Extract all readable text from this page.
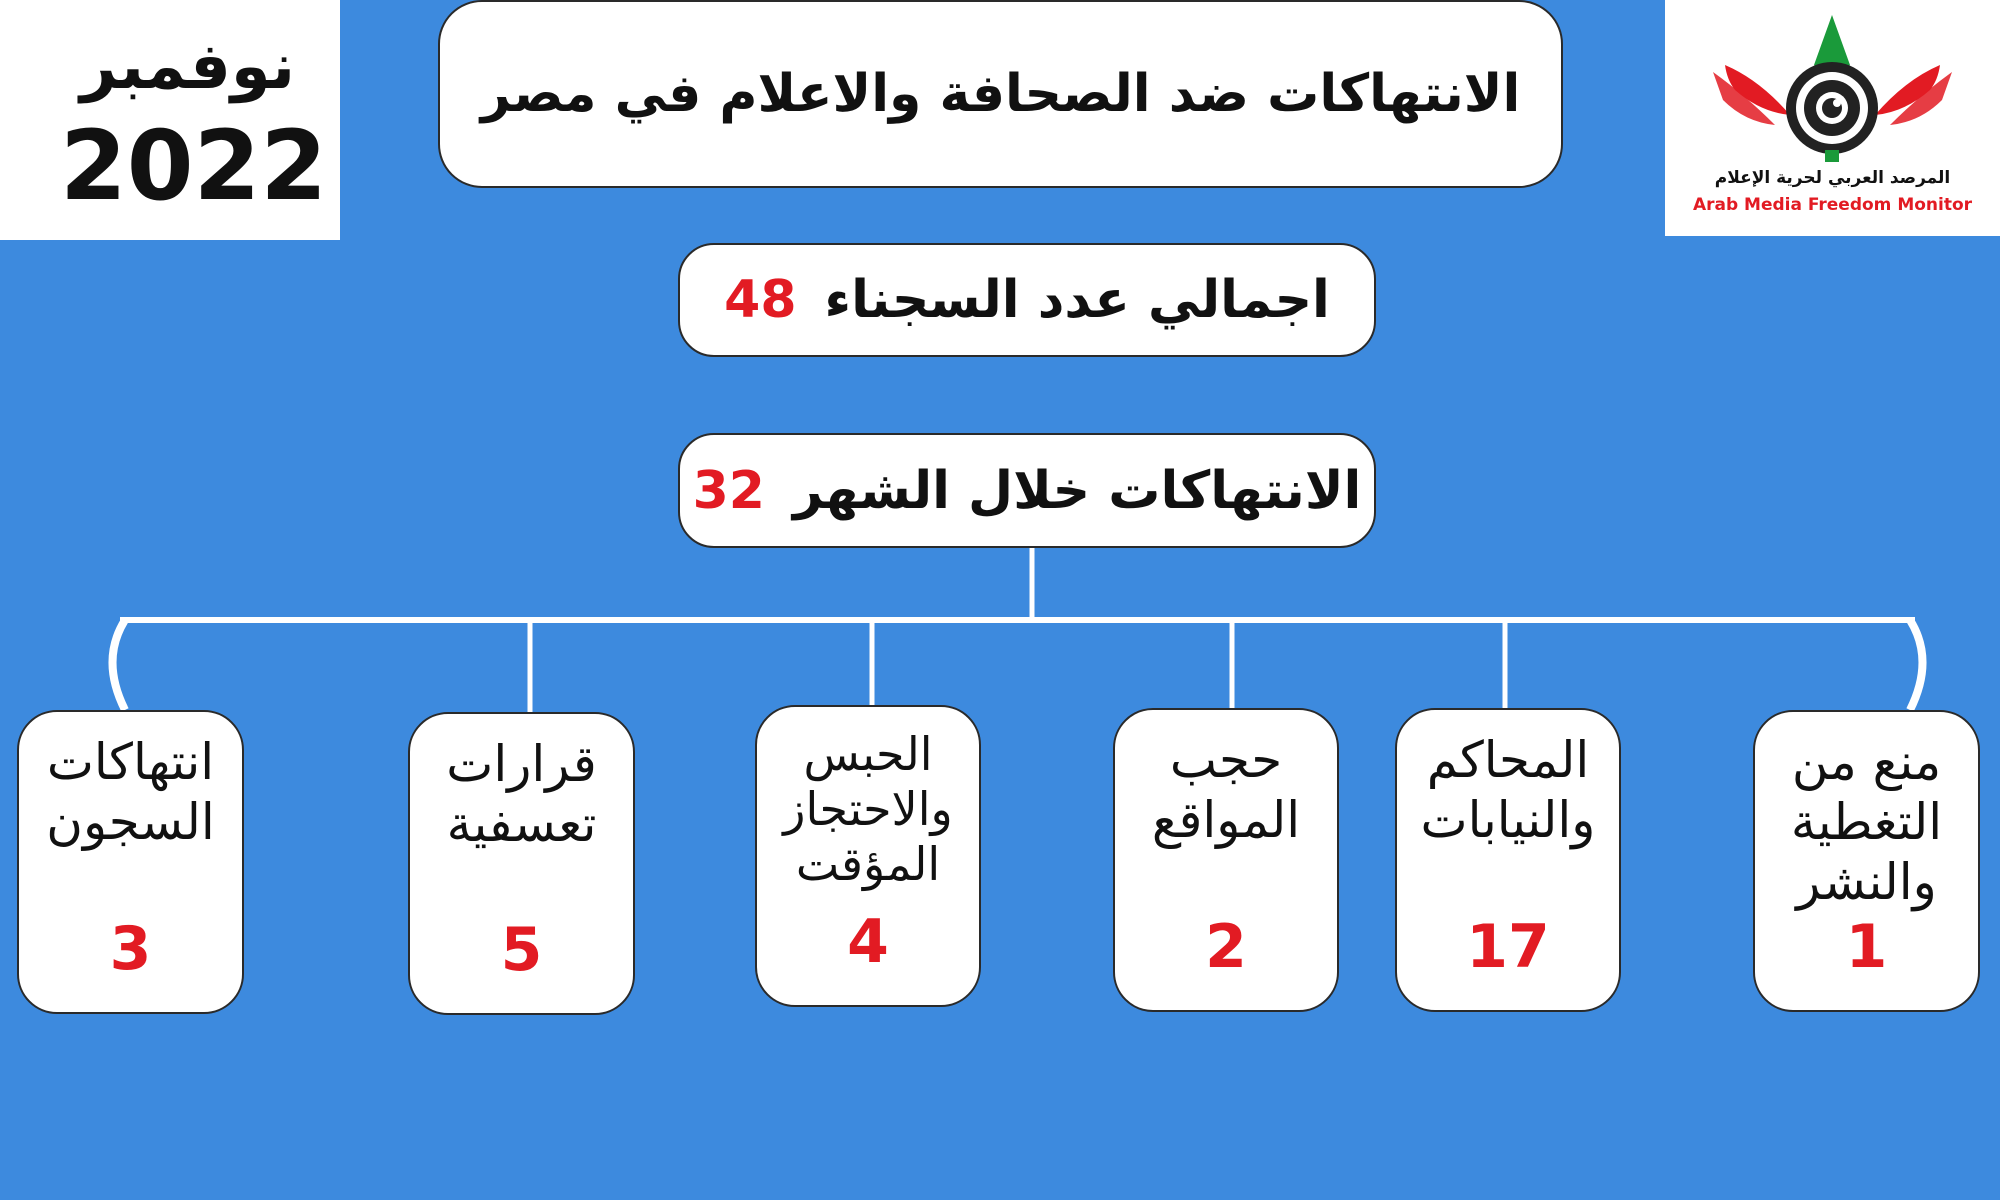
نوفمبر
2022
الانتهاكات ضد الصحافة والاعلام في مصر
المرصد العربي لحرية الإعلام
Arab Media Freedom Monitor
اجمالي عدد السجناء
48
الانتهاكات خلال الشهر
32
منع من
التغطية
والنشر
1
المحاكم
والنيابات
17
حجب
المواقع
2
الحبس
والاحتجاز
المؤقت
4
قرارات
تعسفية
5
انتهاكات
السجون
3
